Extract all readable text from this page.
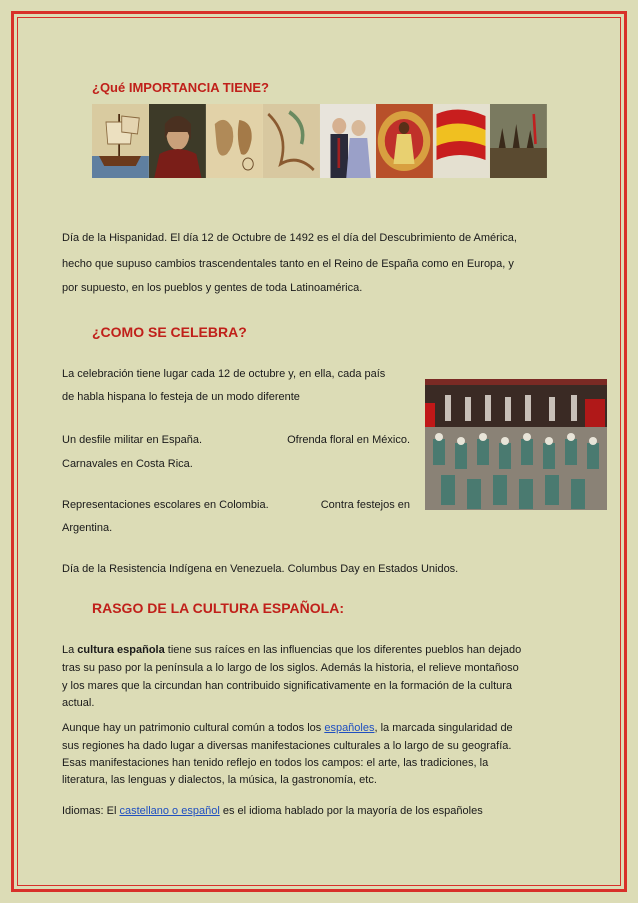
¿Qué IMPORTANCIA TIENE?
Día de la Hispanidad. El día 12 de Octubre de 1492 es el día del Descubrimiento de América,
hecho que supuso cambios trascendentales tanto en el Reino de España como en Europa, y
por supuesto, en los pueblos y gentes de toda Latinoamérica.
¿COMO SE CELEBRA?
La celebración tiene lugar cada 12 de octubre y, en ella, cada país
de habla hispana lo festeja de un modo diferente
Un desfile militar en España.	Ofrenda floral en México.
Carnavales en Costa Rica.
Representaciones escolares en Colombia.	Contra festejos en
Argentina.
Día de la Resistencia Indígena en Venezuela. Columbus Day en Estados Unidos.
RASGO DE LA CULTURA ESPAÑOLA:
La cultura española tiene sus raíces en las influencias que los diferentes pueblos han dejado
tras su paso por la península a lo largo de los siglos. Además la historia, el relieve montañoso
y los mares que la circundan han contribuido significativamente en la formación de la cultura
actual.
Aunque hay un patrimonio cultural común a todos los españoles, la marcada singularidad de
sus regiones ha dado lugar a diversas manifestaciones culturales a lo largo de su geografía.
Esas manifestaciones han tenido reflejo en todos los campos: el arte, las tradiciones, la
literatura, las lenguas y dialectos, la música, la gastronomía, etc.
Idiomas: El castellano o español es el idioma hablado por la mayoría de los españoles
